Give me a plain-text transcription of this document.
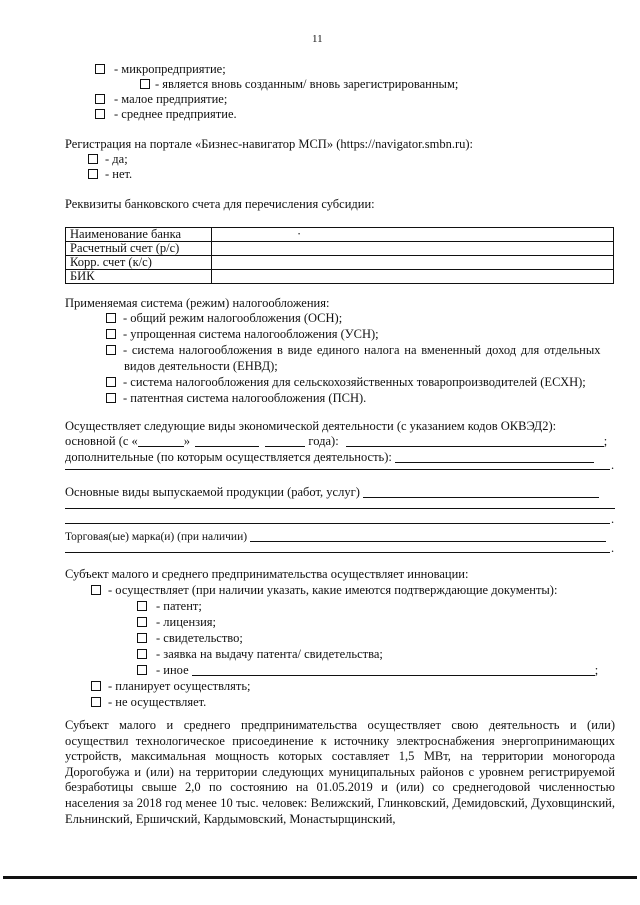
11
- микропредприятие;
- является вновь созданным/ вновь зарегистрированным;
- малое предприятие;
- среднее предприятие.
Регистрация на портале «Бизнес-навигатор МСП» (https://navigator.smbn.ru):
- да;
- нет.
Реквизиты банковского счета для перечисления субсидии:
Наименование банка	·

Расчетный счет (р/с)	
Корр. счет (к/с)	
БИК	
Применяемая система (режим) налогообложения:
- общий режим налогообложения (ОСН);
- упрощенная система налогообложения (УСН);
- система налогообложения в виде единого налога на вмененный доход для отдельных
видов деятельности (ЕНВД);
- система налогообложения для сельскохозяйственных товаропроизводителей (ЕСХН);
- патентная система налогообложения (ПСН).
Осуществляет следующие виды экономической деятельности (с указанием кодов ОКВЭД2):
основной (с «	»	года):	;
дополнительные (по которым осуществляется деятельность):
.
Основные виды выпускаемой продукции (работ, услуг)
.
Торговая(ые) марка(и) (при наличии)
.
Субъект малого и среднего предпринимательства осуществляет инновации:
- осуществляет (при наличии указать, какие имеются подтверждающие документы):
- патент;
- лицензия;
- свидетельство;
- заявка на выдачу патента/ свидетельства;
- иное	;
- планирует осуществлять;
- не осуществляет.
Субъект малого и среднего предпринимательства осуществляет свою деятельность и (или) осуществил технологическое присоединение к источнику электроснабжения энергопринимающих устройств, максимальная мощность которых составляет 1,5 МВт, на территории моногорода Дорогобужа и (или) на территории следующих муниципальных районов с уровнем регистрируемой безработицы свыше 2,0 по состоянию на 01.05.2019 и (или) со среднегодовой численностью населения за 2018 год менее 10 тыс. человек: Велижский, Глинковский, Демидовский, Духовщинский, Ельнинский, Ершичский, Кардымовский, Монастырщинский,
